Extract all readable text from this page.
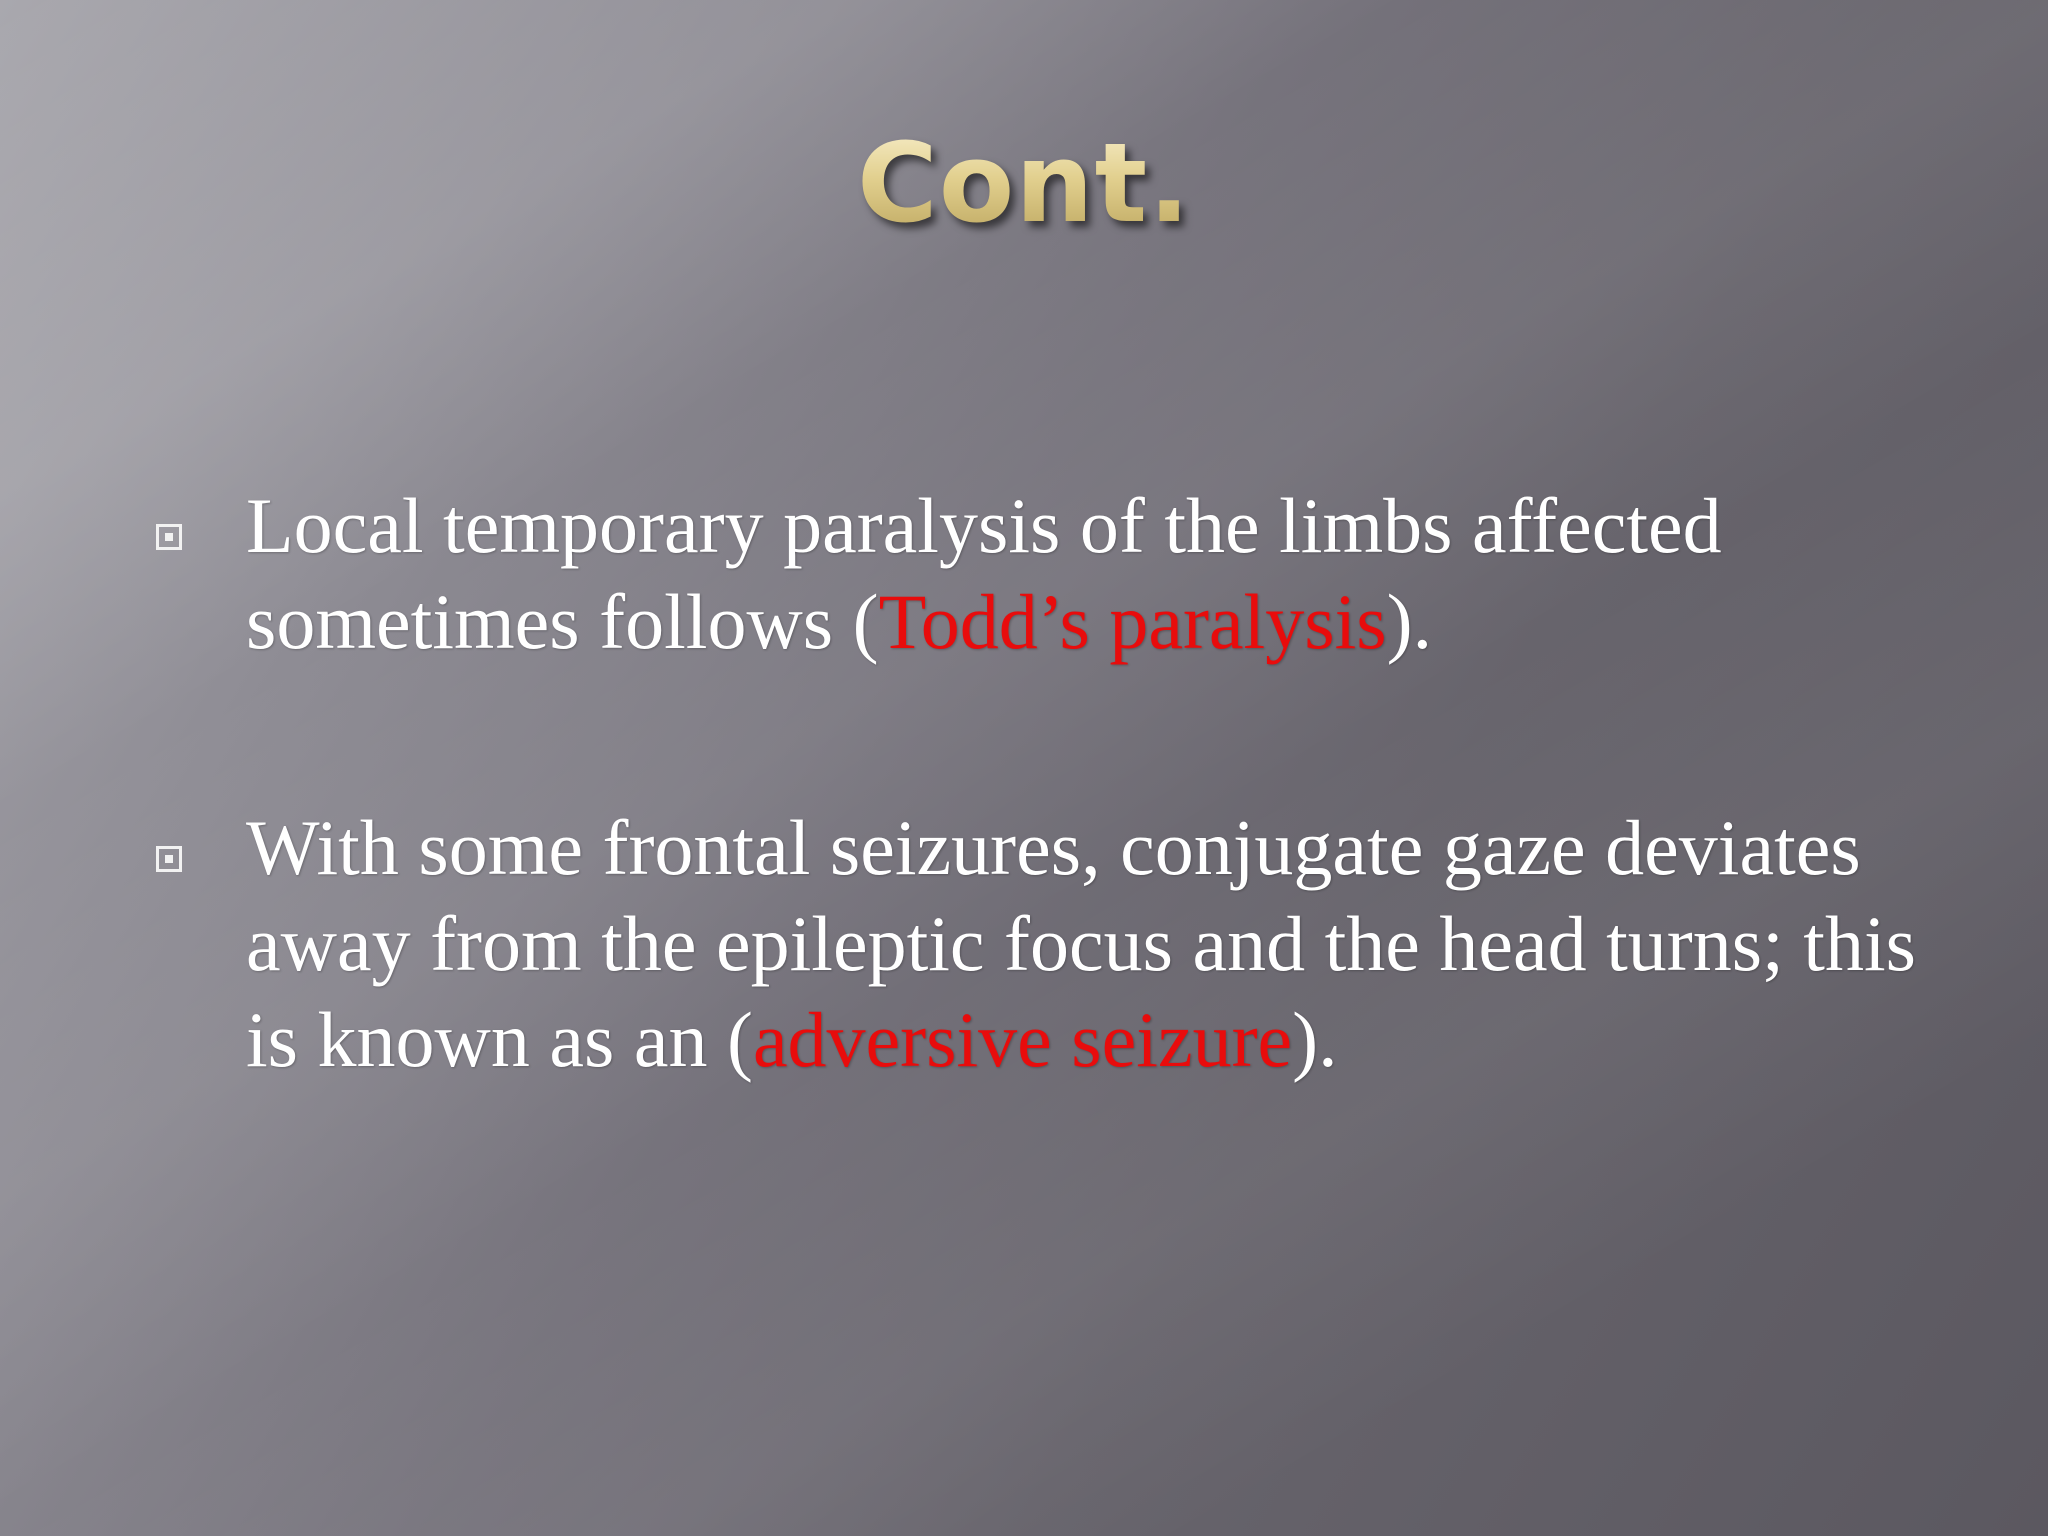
Cont.
Local temporary paralysis of the limbs affected sometimes follows (Todd’s paralysis).
With some frontal seizures, conjugate gaze deviates away from the epileptic focus and the head turns; this is known as an (adversive seizure).
